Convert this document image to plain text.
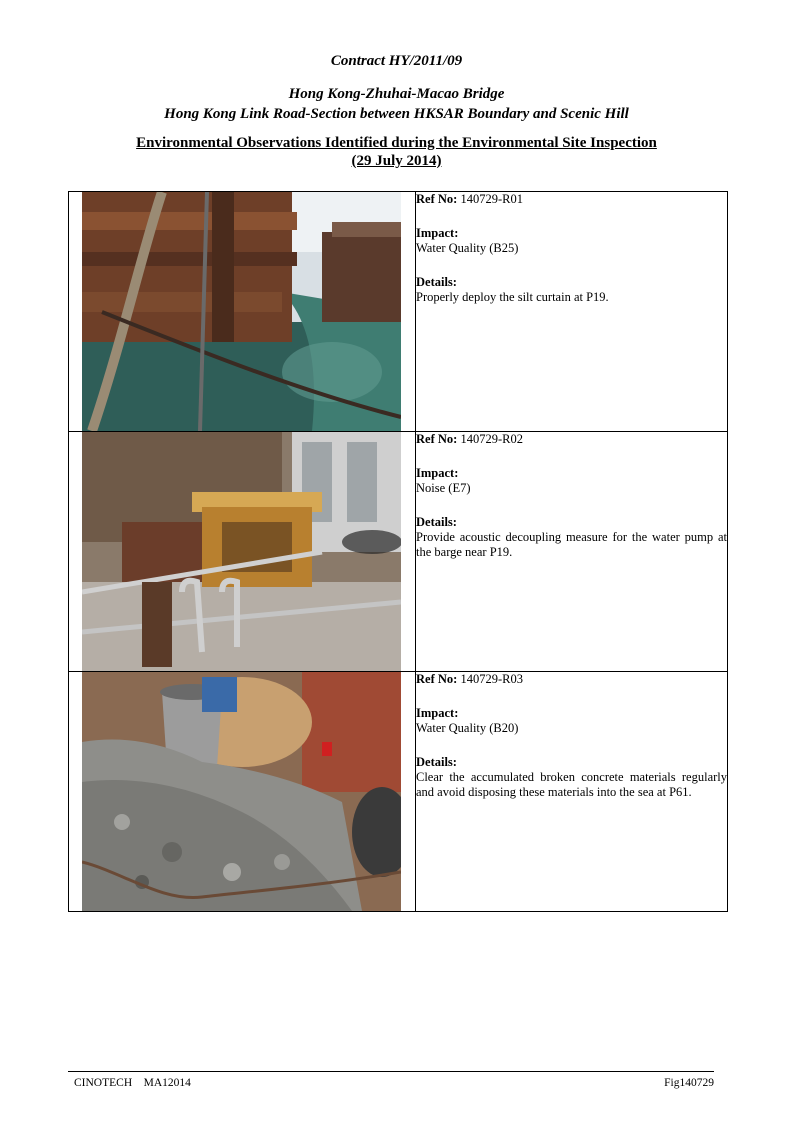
Contract HY/2011/09
Hong Kong-Zhuhai-Macao Bridge
Hong Kong Link Road-Section between HKSAR Boundary and Scenic Hill
Environmental Observations Identified during the Environmental Site Inspection
(29 July 2014)

Ref No: 140729-R01
Impact:
Water Quality (B25)
Details:
Properly deploy the silt curtain at P19.

Ref No: 140729-R02
Impact:
Noise (E7)
Details:
Provide acoustic decoupling measure for the water pump at the barge near P19.

Ref No: 140729-R03
Impact:
Water Quality (B20)
Details:
Clear the accumulated broken concrete materials regularly and avoid disposing these materials into the sea at P61.
CINOTECH    MA12014	Fig140729
